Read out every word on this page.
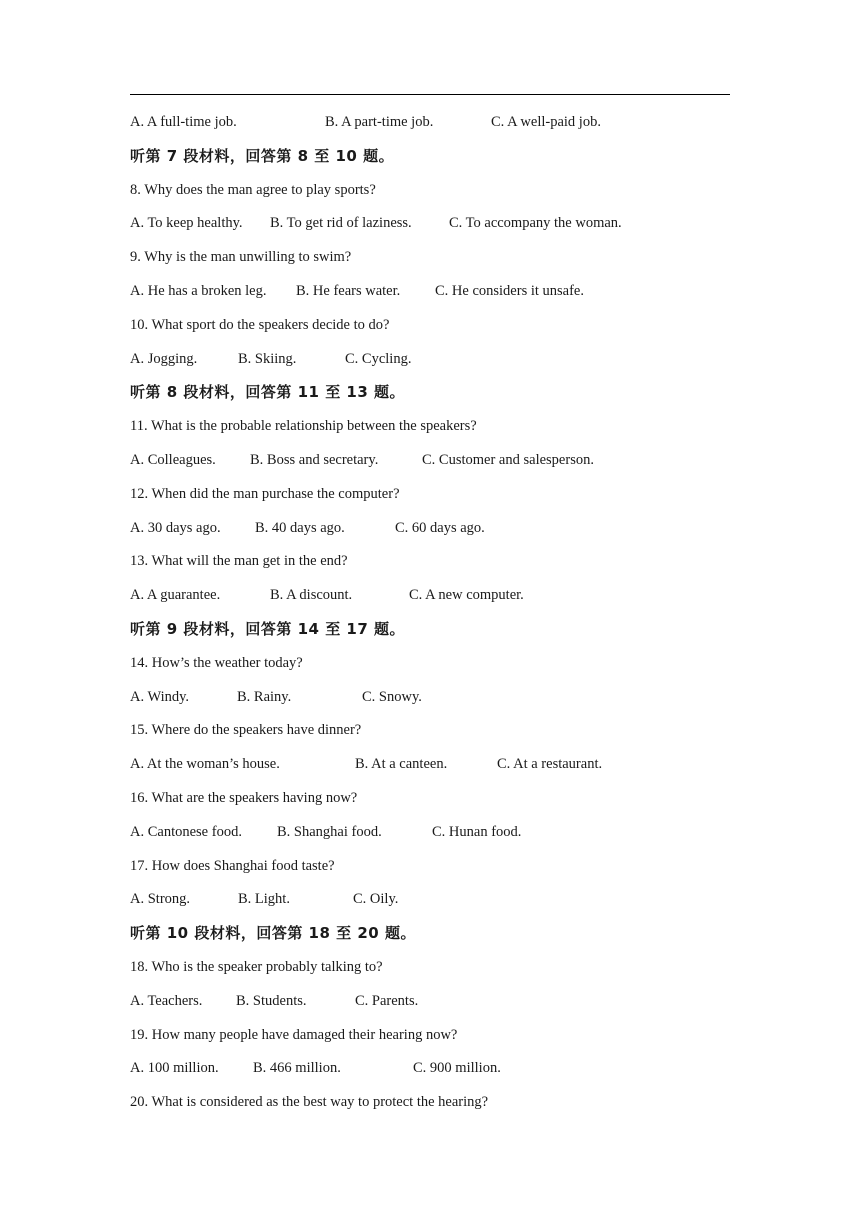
A. A full-time job.	B. A part-time job.	C. A well-paid job.
听第 7 段材料，回答第 8 至 10 题。
8. Why does the man agree to play sports?
A. To keep healthy. B. To get rid of laziness.	C. To accompany the woman.
9. Why is the man unwilling to swim?
A. He has a broken leg. B. He fears water. C. He considers it unsafe.
10. What sport do the speakers decide to do?
A. Jogging.	B. Skiing.	C. Cycling.
听第 8 段材料，回答第 11 至 13 题。
11. What is the probable relationship between the speakers?
A. Colleagues. B. Boss and secretary.	C. Customer and salesperson.
12. When did the man purchase the computer?
A. 30 days ago. B. 40 days ago.	C. 60 days ago.
13. What will the man get in the end?
A. A guarantee.	B. A discount.	C. A new computer.
听第 9 段材料，回答第 14 至 17 题。
14. How’s the weather today?
A. Windy.	B. Rainy.	C. Snowy.
15. Where do the speakers have dinner?
A. At the woman’s house.	B. At a canteen.	C. At a restaurant.
16. What are the speakers having now?
A. Cantonese food. B. Shanghai food.	C. Hunan food.
17. How does Shanghai food taste?
A. Strong.	B. Light.	C. Oily.
听第 10 段材料，回答第 18 至 20 题。
18. Who is the speaker probably talking to?
A. Teachers. B. Students.	C. Parents.
19. How many people have damaged their hearing now?
A. 100 million. B. 466 million.	C. 900 million.
20. What is considered as the best way to protect the hearing?
